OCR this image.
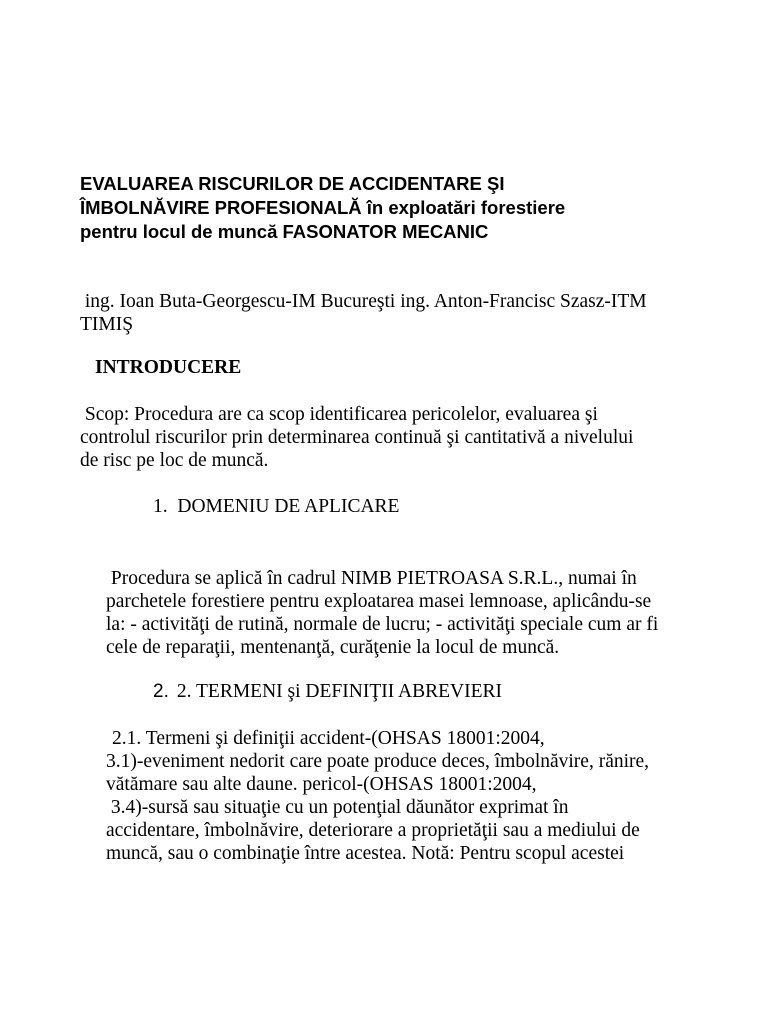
EVALUAREA RISCURILOR DE ACCIDENTARE ŞI
ÎMBOLNĂVIRE PROFESIONALĂ în exploatări forestiere
pentru locul de muncă FASONATOR MECANIC

ing. Ioan Buta-Georgescu-IM Bucureşti ing. Anton-Francisc Szasz-ITM
TIMIŞ

INTRODUCERE

Scop: Procedura are ca scop identificarea pericolelor, evaluarea şi
controlul riscurilor prin determinarea continuă şi cantitativă a nivelului
de risc pe loc de muncă.

1.  DOMENIU DE APLICARE

Procedura se aplică în cadrul NIMB PIETROASA S.R.L., numai în
parchetele forestiere pentru exploatarea masei lemnoase, aplicându-se
la: - activităţi de rutină, normale de lucru; - activităţi speciale cum ar fi
cele de reparaţii, mentenanţă, curăţenie la locul de muncă.

2. 2. TERMENI şi DEFINIŢII ABREVIERI

2.1. Termeni şi definiţii accident-(OHSAS 18001:2004,
3.1)-eveniment nedorit care poate produce deces, îmbolnăvire, rănire,
vătămare sau alte daune. pericol-(OHSAS 18001:2004,
3.4)-sursă sau situaţie cu un potenţial dăunător exprimat în
accidentare, îmbolnăvire, deteriorare a proprietăţii sau a mediului de
muncă, sau o combinaţie între acestea. Notă: Pentru scopul acestei
